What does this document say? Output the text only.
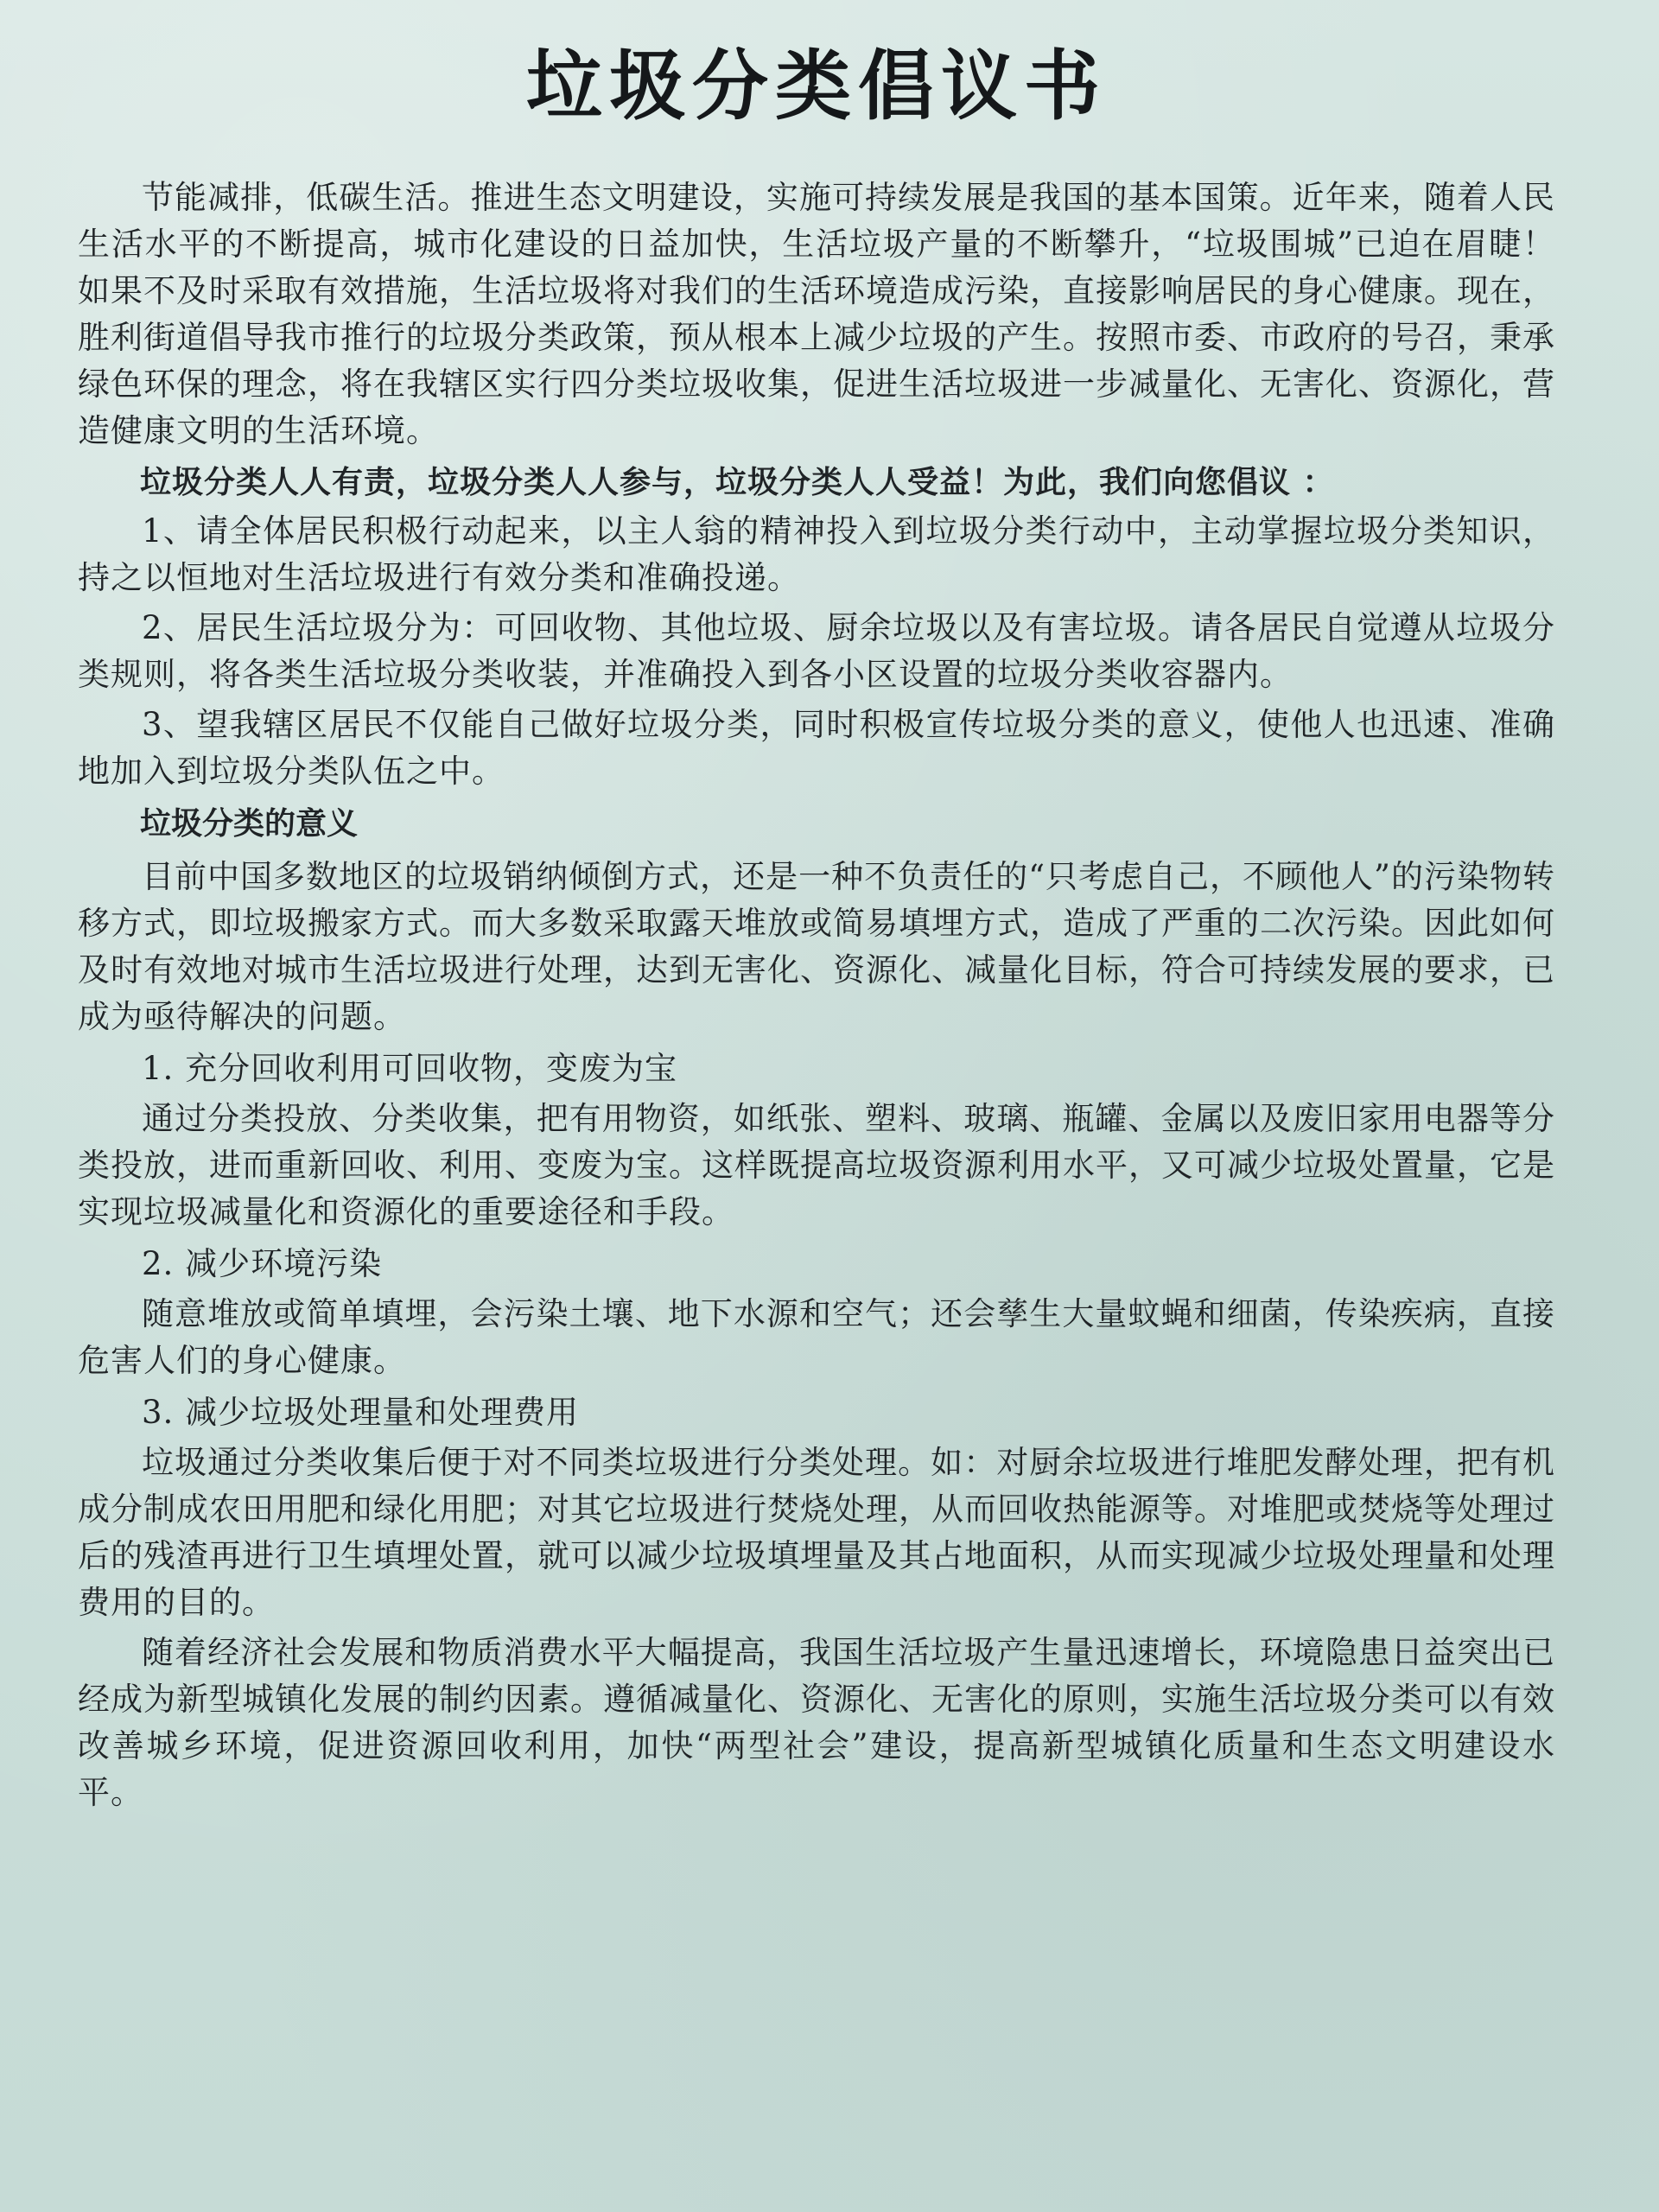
垃圾分类倡议书

节能减排，低碳生活。推进生态文明建设，实施可持续发展是我国的基本国策。近年来，随着人民生活水平的不断提高，城市化建设的日益加快，生活垃圾产量的不断攀升，“垃圾围城”已迫在眉睫！如果不及时采取有效措施，生活垃圾将对我们的生活环境造成污染，直接影响居民的身心健康。现在，胜利街道倡导我市推行的垃圾分类政策，预从根本上减少垃圾的产生。按照市委、市政府的号召，秉承绿色环保的理念，将在我辖区实行四分类垃圾收集，促进生活垃圾进一步减量化、无害化、资源化，营造健康文明的生活环境。

垃圾分类人人有责，垃圾分类人人参与，垃圾分类人人受益！为此，我们向您倡议 ：

1、请全体居民积极行动起来，以主人翁的精神投入到垃圾分类行动中，主动掌握垃圾分类知识，持之以恒地对生活垃圾进行有效分类和准确投递。

2、居民生活垃圾分为：可回收物、其他垃圾、厨余垃圾以及有害垃圾。请各居民自觉遵从垃圾分类规则，将各类生活垃圾分类收装，并准确投入到各小区设置的垃圾分类收容器内。

3、望我辖区居民不仅能自己做好垃圾分类，同时积极宣传垃圾分类的意义，使他人也迅速、准确地加入到垃圾分类队伍之中。

垃圾分类的意义

目前中国多数地区的垃圾销纳倾倒方式，还是一种不负责任的“只考虑自己，不顾他人”的污染物转移方式，即垃圾搬家方式。而大多数采取露天堆放或简易填埋方式，造成了严重的二次污染。因此如何及时有效地对城市生活垃圾进行处理，达到无害化、资源化、减量化目标，符合可持续发展的要求，已成为亟待解决的问题。

1. 充分回收利用可回收物，变废为宝

通过分类投放、分类收集，把有用物资，如纸张、塑料、玻璃、瓶罐、金属以及废旧家用电器等分类投放，进而重新回收、利用、变废为宝。这样既提高垃圾资源利用水平，又可减少垃圾处置量，它是实现垃圾减量化和资源化的重要途径和手段。

2. 减少环境污染

随意堆放或简单填埋，会污染土壤、地下水源和空气；还会孳生大量蚊蝇和细菌，传染疾病，直接危害人们的身心健康。

3. 减少垃圾处理量和处理费用

垃圾通过分类收集后便于对不同类垃圾进行分类处理。如：对厨余垃圾进行堆肥发酵处理，把有机成分制成农田用肥和绿化用肥；对其它垃圾进行焚烧处理，从而回收热能源等。对堆肥或焚烧等处理过后的残渣再进行卫生填埋处置，就可以减少垃圾填埋量及其占地面积，从而实现减少垃圾处理量和处理费用的目的。

随着经济社会发展和物质消费水平大幅提高，我国生活垃圾产生量迅速增长，环境隐患日益突出已经成为新型城镇化发展的制约因素。遵循减量化、资源化、无害化的原则，实施生活垃圾分类可以有效改善城乡环境，促进资源回收利用，加快“两型社会”建设，提高新型城镇化质量和生态文明建设水平。
